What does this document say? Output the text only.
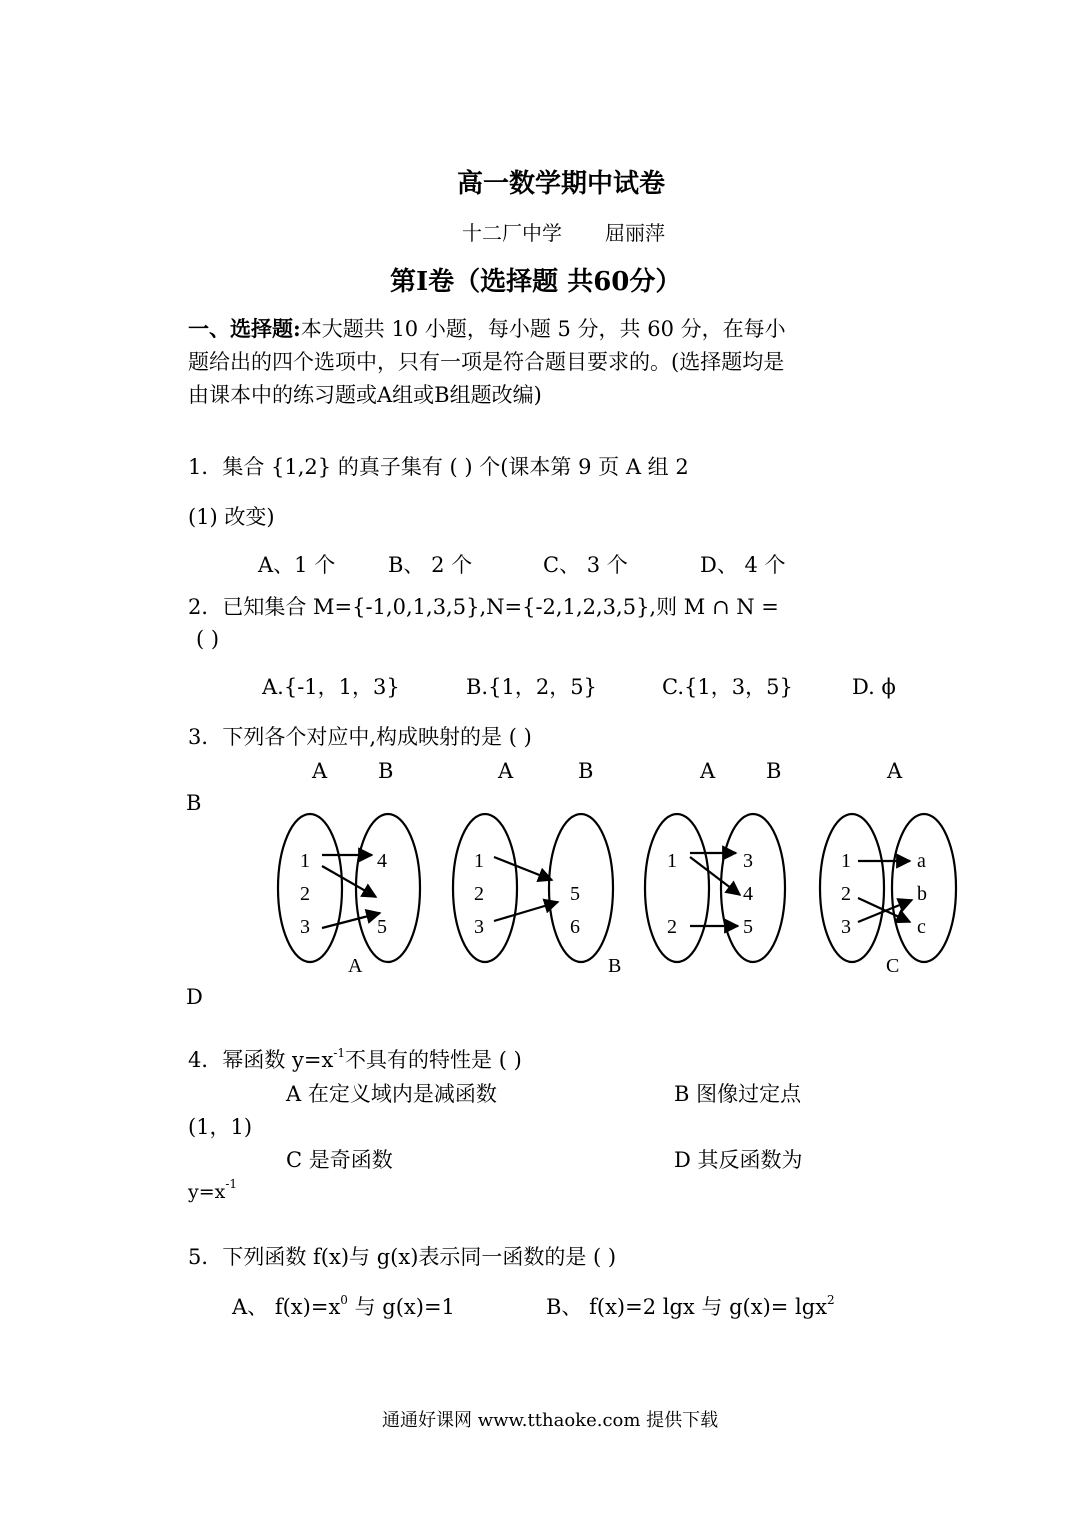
高一数学期中试卷
十二厂中学 屈丽萍
第Ⅰ卷（选择题 共60分）
一、选择题:本大题共 10 小题，每小题 5 分，共 60 分，在每小
题给出的四个选项中，只有一项是符合题目要求的。(选择题均是
由课本中的练习题或A组或B组题改编)
1．集合 {1,2} 的真子集有 ( ) 个(课本第 9 页 A 组 2
(1) 改变)
A、1 个	B、 2 个	C、 3 个	D、 4 个
2．已知集合 M={-1,0,1,3,5},N={-2,1,2,3,5},则 M ∩ N =
( )
A.{-1，1，3}	B.{1，2，5}	C.{1，3，5}	D. ϕ
3．下列各个对应中,构成映射的是 ( )
A B	A	B	A B	A
B
1
2
3
4
5
A
1
2
3
5
6
B
1
2
3
4
5
C
1
2
3
a
b
c
D
4．幂函数 $y=x^{-1}$不具有的特性是 ( )
A 在定义域内是减函数	B 图像过定点
(1，1)
C 是奇函数	D 其反函数为
$y=x^{-1}$
5．下列函数 f(x)与 g(x)表示同一函数的是 ( )
A、 $f(x)=x^0$ 与 g(x)=1	B、 f(x)=2 lgx 与 g(x)= lgx$^2$
通通好课网 www.tthaoke.com 提供下载
